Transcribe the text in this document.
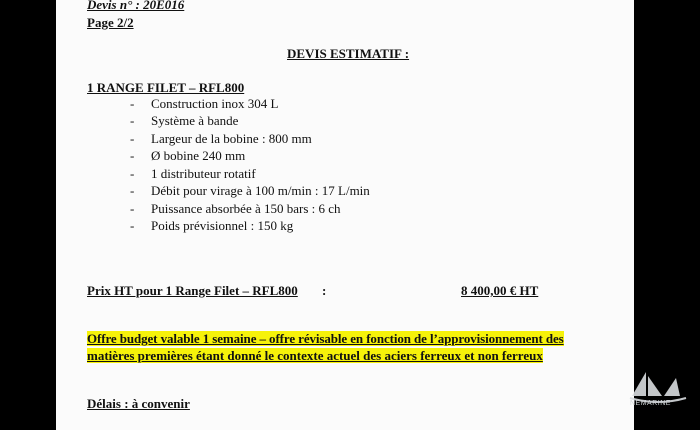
Devis n° : 20E016
Page 2/2
DEVIS ESTIMATIF :
1 RANGE FILET – RFL800
- Construction inox 304 L
- Système à bande
- Largeur de la bobine : 800 mm
- Ø bobine 240 mm
- 1 distributeur rotatif
- Débit pour virage à 100 m/min : 17 L/min
- Puissance absorbée à 150 bars : 6 ch
- Poids prévisionnel : 150 kg
Prix HT pour 1 Range Filet – RFL800 :	8 400,00 € HT
Offre budget valable 1 semaine – offre révisable en fonction de l’approvisionnement des
matières premières étant donné le contexte actuel des aciers ferreux et non ferreux
Délais : à convenir	NEMARINE
